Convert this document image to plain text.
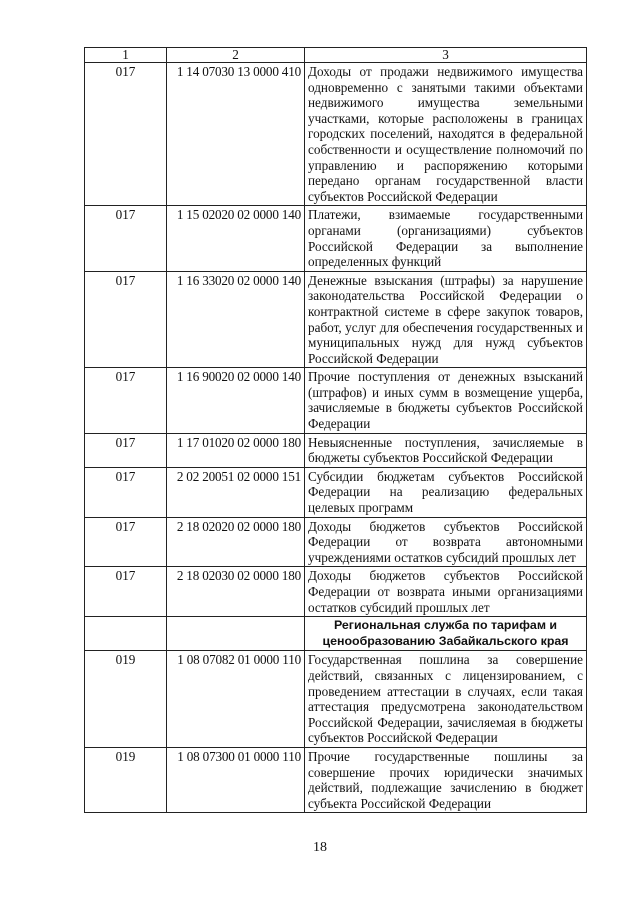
1	2	3
017	1 14 07030 13 0000 410	Доходы от продажи недвижимого имущества одновременно с занятыми такими объектами недвижимого имущества земельными участками, которые расположены в границах городских поселений, находятся в федеральной собственности и осуществление полномочий по управлению и распоряжению которыми передано органам государственной власти субъектов Российской Федерации
017	1 15 02020 02 0000 140	Платежи, взимаемые государственными органами (организациями) субъектов Российской Федерации за выполнение определенных функций
017	1 16 33020 02 0000 140	Денежные взыскания (штрафы) за нарушение законодательства Российской Федерации о контрактной системе в сфере закупок товаров, работ, услуг для обеспечения государственных и муниципальных нужд для нужд субъектов Российской Федерации
017	1 16 90020 02 0000 140	Прочие поступления от денежных взысканий (штрафов) и иных сумм в возмещение ущерба, зачисляемые в бюджеты субъектов Российской Федерации
017	1 17 01020 02 0000 180	Невыясненные поступления, зачисляемые в бюджеты субъектов Российской Федерации
017	2 02 20051 02 0000 151	Субсидии бюджетам субъектов Российской Федерации на реализацию федеральных целевых программ
017	2 18 02020 02 0000 180	Доходы бюджетов субъектов Российской Федерации от возврата автономными учреждениями остатков субсидий прошлых лет
017	2 18 02030 02 0000 180	Доходы бюджетов субъектов Российской Федерации от возврата иными организациями остатков субсидий прошлых лет
		Региональная служба по тарифам и ценообразованию Забайкальского края
019	1 08 07082 01 0000 110	Государственная пошлина за совершение действий, связанных с лицензированием, с проведением аттестации в случаях, если такая аттестация предусмотрена законодательством Российской Федерации, зачисляемая в бюджеты субъектов Российской Федерации
019	1 08 07300 01 0000 110	Прочие государственные пошлины за совершение прочих юридически значимых действий, подлежащие зачислению в бюджет субъекта Российской Федерации
18
